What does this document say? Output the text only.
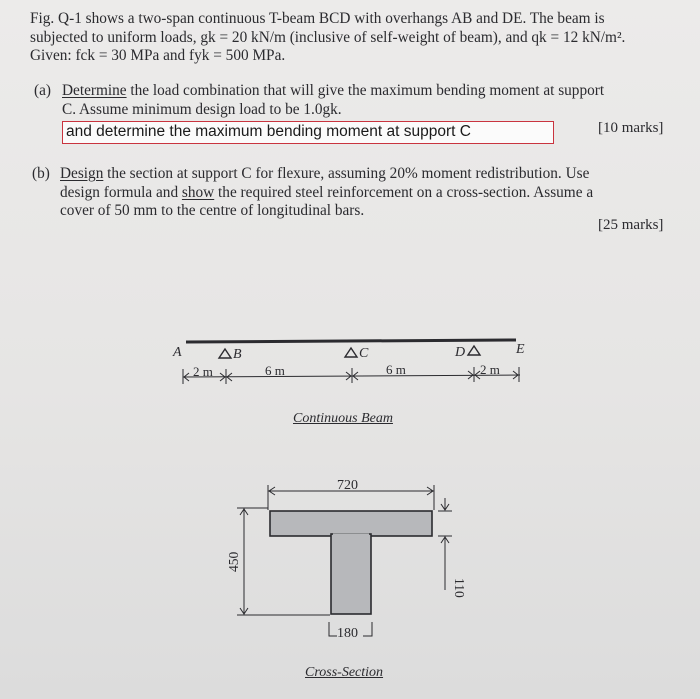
Fig. Q-1 shows a two-span continuous T-beam BCD with overhangs AB and DE. The beam is
subjected to uniform loads, gk = 20 kN/m (inclusive of self-weight of beam), and qk = 12 kN/m².
Given: fck = 30 MPa and fyk = 500 MPa.
(a) Determine the load combination that will give the maximum bending moment at support
C. Assume minimum design load to be 1.0gk.
and determine the maximum bending moment at support C	[10 marks]
(b) Design the section at support C for flexure, assuming 20% moment redistribution. Use
design formula and show the required steel reinforcement on a cross-section. Assume a
cover of 50 mm to the centre of longitudinal bars.
[25 marks]
A	B	C	D	E
2 m	6 m	6 m	2 m
720
450
110
180
Continuous Beam
Cross-Section
